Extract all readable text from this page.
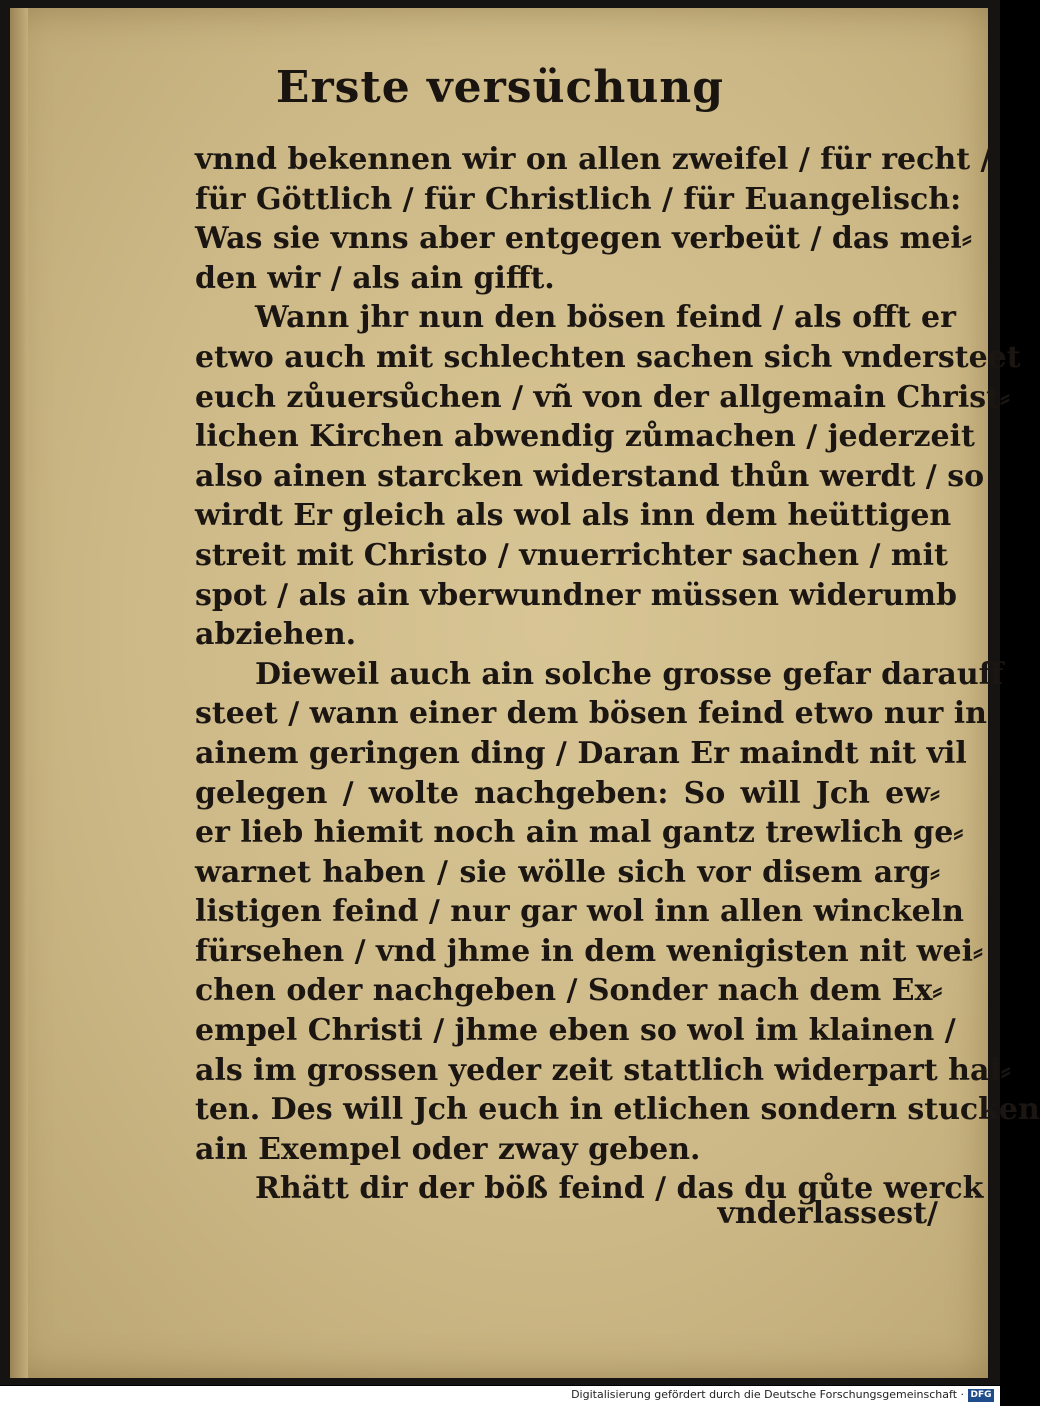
Erste versüchung
vnnd bekennen wir on allen zweifel / für recht /
für Göttlich / für Christlich / für Euangelisch:
Was sie vnns aber entgegen verbeüt / das mei⸗
den wir / als ain gifft.
Wann jhr nun den bösen feind / als offt er
etwo auch mit schlechten sachen sich vndersteet
euch zůuersůchen / vñ von der allgemain Christ⸗
lichen Kirchen abwendig zůmachen / jederzeit
also ainen starcken widerstand thůn werdt / so
wirdt Er gleich als wol als inn dem heüttigen
streit mit Christo / vnuerrichter sachen / mit
spot / als ain vberwundner müssen widerumb
abziehen.
Dieweil auch ain solche grosse gefar darauff
steet / wann einer dem bösen feind etwo nur in
ainem geringen ding / Daran Er maindt nit vil
gelegen / wolte nachgeben: So will Jch ew⸗
er lieb hiemit noch ain mal gantz trewlich ge⸗
warnet haben / sie wölle sich vor disem arg⸗
listigen feind / nur gar wol inn allen winckeln
fürsehen / vnd jhme in dem wenigisten nit wei⸗
chen oder nachgeben / Sonder nach dem Ex⸗
empel Christi / jhme eben so wol im klainen /
als im grossen yeder zeit stattlich widerpart hal⸗
ten. Des will Jch euch in etlichen sondern stucken
ain Exempel oder zway geben.
Rhätt dir der böß feind / das du gůte werck
vnderlassest/
Digitalisierung gefördert durch die Deutsche Forschungsgemeinschaft · DFG
